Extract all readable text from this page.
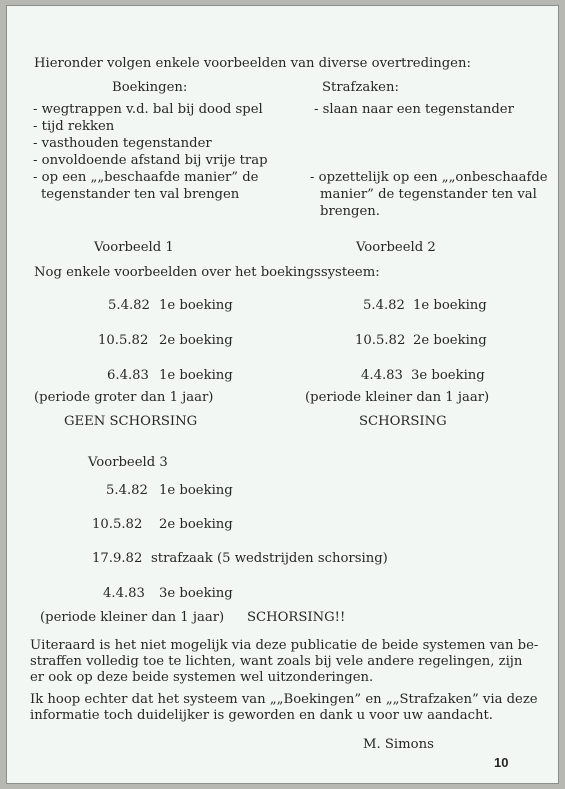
Hieronder volgen enkele voorbeelden van diverse overtredingen:
Boekingen:	Strafzaken:
- wegtrappen v.d. bal bij dood spel
- tijd rekken
- vasthouden tegenstander
- onvoldoende afstand bij vrije trap
- op een „„beschaafde manier” de
tegenstander ten val brengen
- slaan naar een tegenstander
- opzettelijk op een „„onbeschaafde
manier” de tegenstander ten val
brengen.
Voorbeeld 1	Voorbeeld 2
Nog enkele voorbeelden over het boekingssysteem:
5.4.82 1e boeking
10.5.82 2e boeking
6.4.83 1e boeking
(periode groter dan 1 jaar)
GEEN SCHORSING
5.4.82 1e boeking
10.5.82 2e boeking
4.4.83 3e boeking
(periode kleiner dan 1 jaar)
SCHORSING
Voorbeeld 3
5.4.82 1e boeking
10.5.82 2e boeking
17.9.82 strafzaak (5 wedstrijden schorsing)
4.4.83 3e boeking
(periode kleiner dan 1 jaar) SCHORSING!!
Uiteraard is het niet mogelijk via deze publicatie de beide systemen van be-straffen volledig toe te lichten, want zoals bij vele andere regelingen, zijn er ook op deze beide systemen wel uitzonderingen.
Ik hoop echter dat het systeem van „„Boekingen” en „„Strafzaken” via deze informatie toch duidelijker is geworden en dank u voor uw aandacht.
M. Simons
10
